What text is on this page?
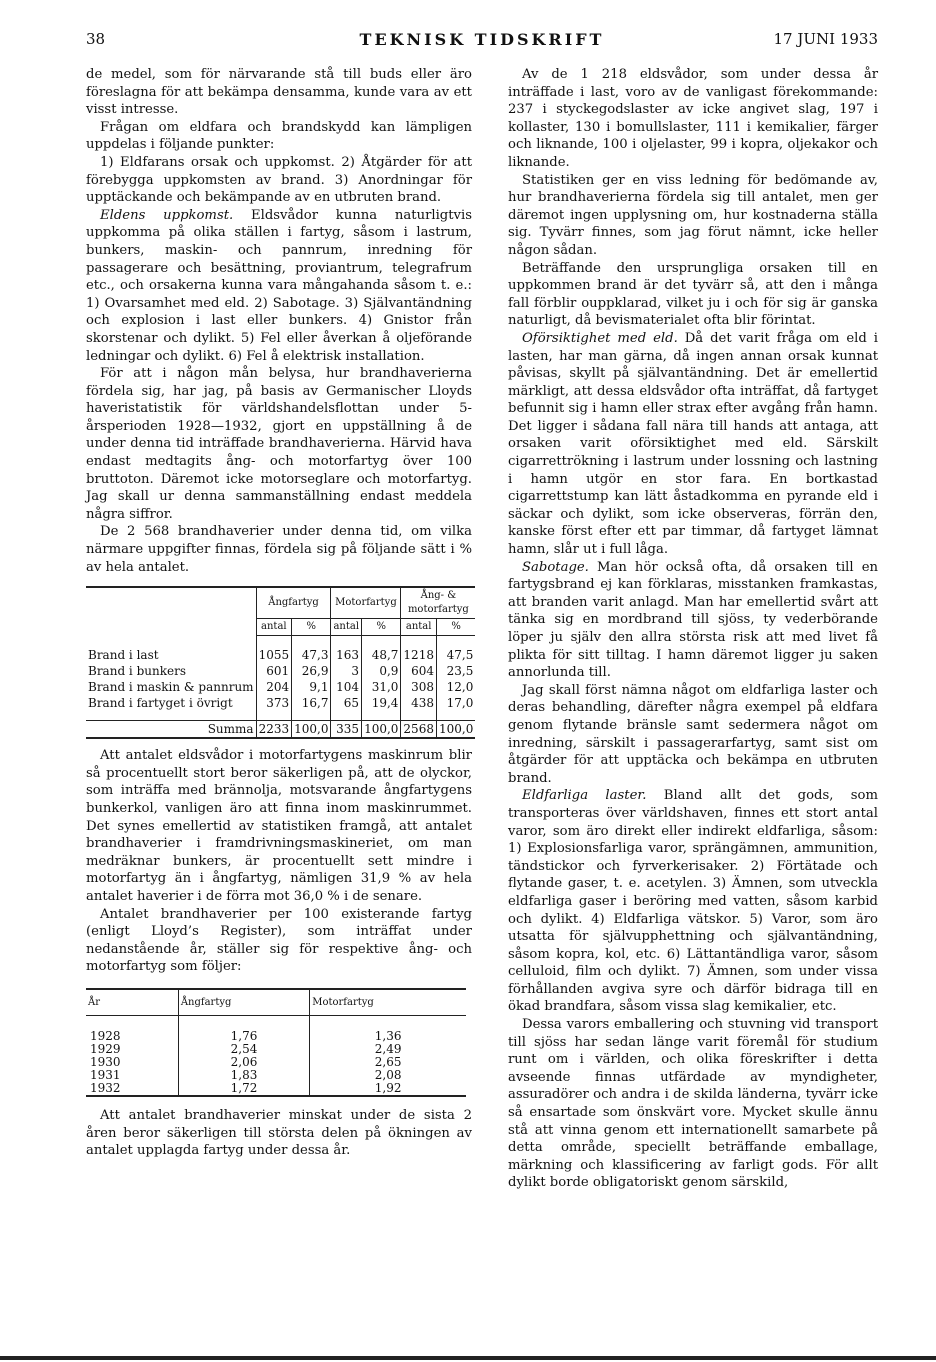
38	TEKNISK TIDSKRIFT	17 JUNI 1933

de medel, som för närvarande stå till buds eller äro föreslagna för att bekämpa densamma, kunde vara av ett visst intresse.

Frågan om eldfara och brandskydd kan lämpligen uppdelas i följande punkter:

1) Eldfarans orsak och uppkomst. 2) Åtgärder för att förebygga uppkomsten av brand. 3) Anordningar för upptäckande och bekämpande av en utbruten brand.

Eldens uppkomst. Eldsvådor kunna naturligtvis uppkomma på olika ställen i fartyg, såsom i lastrum, bunkers, maskin- och pannrum, inredning för passagerare och besättning, proviantrum, telegrafrum etc., och orsakerna kunna vara mångahanda såsom t. e.: 1) Ovarsamhet med eld. 2) Sabotage. 3) Självantändning och explosion i last eller bunkers. 4) Gnistor från skorstenar och dylikt. 5) Fel eller åverkan å oljeförande ledningar och dylikt. 6) Fel å elektrisk installation.

För att i någon mån belysa, hur brandhaverierna fördela sig, har jag, på basis av Germanischer Lloyds haveristatistik för världshandelsflottan under 5-årsperioden 1928—1932, gjort en uppställning å de under denna tid inträffade brandhaverierna. Härvid hava endast medtagits ång- och motorfartyg över 100 bruttoton. Däremot icke motorseglare och motorfartyg. Jag skall ur denna sammanställning endast meddela några siffror.

De 2 568 brandhaverier under denna tid, om vilka närmare uppgifter finnas, fördela sig på följande sätt i % av hela antalet.

	Ångfartyg		Motorfartyg		Ång- & motorfartyg	
	antal	%	antal	%	antal	%
Brand i last	1055	47,3	163	48,7	1218	47,5
Brand i bunkers	601	26,9	3	0,9	604	23,5
Brand i maskin & pannrum	204	9,1	104	31,0	308	12,0
Brand i fartyget i övrigt	373	16,7	65	19,4	438	17,0
Summa	2233	100,0	335	100,0	2568	100,0

Att antalet eldsvådor i motorfartygens maskinrum blir så procentuellt stort beror säkerligen på, att de olyckor, som inträffa med brännolja, motsvarande ångfartygens bunkerkol, vanligen äro att finna inom maskinrummet. Det synes emellertid av statistiken framgå, att antalet brandhaverier i framdrivningsmaskineriet, om man medräknar bunkers, är procentuellt sett mindre i motorfartyg än i ångfartyg, nämligen 31,9 % av hela antalet haverier i de förra mot 36,0 % i de senare.

Antalet brandhaverier per 100 existerande fartyg (enligt Lloyd’s Register), som inträffat under nedanstående år, ställer sig för respektive ång- och motorfartyg som följer:

År	Ångfartyg	Motorfartyg
1928	1,76	1,36
1929	2,54	2,49
1930	2,06	2,65
1931	1,83	2,08
1932	1,72	1,92

Att antalet brandhaverier minskat under de sista 2 åren beror säkerligen till största delen på ökningen av antalet upplagda fartyg under dessa år.

Av de 1 218 eldsvådor, som under dessa år inträffade i last, voro av de vanligast förekommande: 237 i styckegodslaster av icke angivet slag, 197 i kollaster, 130 i bomullslaster, 111 i kemikalier, färger och liknande, 100 i oljelaster, 99 i kopra, oljekakor och liknande.

Statistiken ger en viss ledning för bedömande av, hur brandhaverierna fördela sig till antalet, men ger däremot ingen upplysning om, hur kostnaderna ställa sig. Tyvärr finnes, som jag förut nämnt, icke heller någon sådan.

Beträffande den ursprungliga orsaken till en uppkommen brand är det tyvärr så, att den i många fall förblir ouppklarad, vilket ju i och för sig är ganska naturligt, då bevismaterialet ofta blir förintat.

Oförsiktighet med eld. Då det varit fråga om eld i lasten, har man gärna, då ingen annan orsak kunnat påvisas, skyllt på självantändning. Det är emellertid märkligt, att dessa eldsvådor ofta inträffat, då fartyget befunnit sig i hamn eller strax efter avgång från hamn. Det ligger i sådana fall nära till hands att antaga, att orsaken varit oförsiktighet med eld. Särskilt cigarrettrökning i lastrum under lossning och lastning i hamn utgör en stor fara. En bortkastad cigarrettstump kan lätt åstadkomma en pyrande eld i säckar och dylikt, som icke observeras, förrän den, kanske först efter ett par timmar, då fartyget lämnat hamn, slår ut i full låga.

Sabotage. Man hör också ofta, då orsaken till en fartygsbrand ej kan förklaras, misstanken framkastas, att branden varit anlagd. Man har emellertid svårt att tänka sig en mordbrand till sjöss, ty vederbörande löper ju själv den allra största risk att med livet få plikta för sitt tilltag. I hamn däremot ligger ju saken annorlunda till.

Jag skall först nämna något om eldfarliga laster och deras behandling, därefter några exempel på eldfara genom flytande bränsle samt sedermera något om inredning, särskilt i passagerarfartyg, samt sist om åtgärder för att upptäcka och bekämpa en utbruten brand.

Eldfarliga laster. Bland allt det gods, som transporteras över världshaven, finnes ett stort antal varor, som äro direkt eller indirekt eldfarliga, såsom: 1) Explosionsfarliga varor, sprängämnen, ammunition, tändstickor och fyrverkerisaker. 2) Förtätade och flytande gaser, t. e. acetylen. 3) Ämnen, som utveckla eldfarliga gaser i beröring med vatten, såsom karbid och dylikt. 4) Eldfarliga vätskor. 5) Varor, som äro utsatta för självupphettning och självantändning, såsom kopra, kol, etc. 6) Lättantändliga varor, såsom celluloid, film och dylikt. 7) Ämnen, som under vissa förhållanden avgiva syre och därför bidraga till en ökad brandfara, såsom vissa slag kemikalier, etc.

Dessa varors emballering och stuvning vid transport till sjöss har sedan länge varit föremål för studium runt om i världen, och olika föreskrifter i detta avseende finnas utfärdade av myndigheter, assuradörer och andra i de skilda länderna, tyvärr icke så ensartade som önskvärt vore. Mycket skulle ännu stå att vinna genom ett internationellt samarbete på detta område, speciellt beträffande emballage, märkning och klassificering av farligt gods. För allt dylikt borde obligatoriskt genom särskild,
